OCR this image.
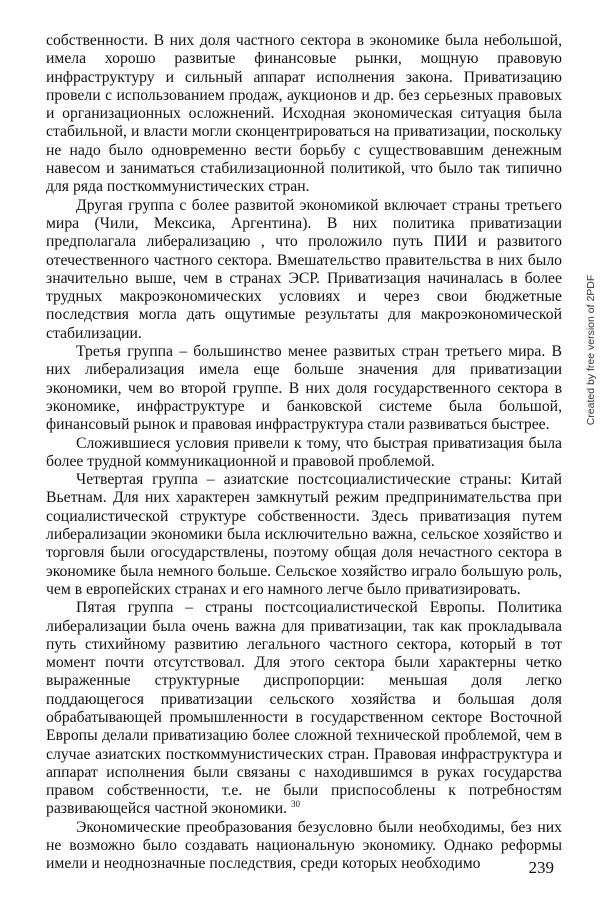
собственности. В них доля частного сектора в экономике была небольшой, имела хорошо развитые финансовые рынки, мощную правовую инфраструктуру и сильный аппарат исполнения закона. Приватизацию провели с использованием продаж, аукционов и др. без серьезных правовых и организационных осложнений. Исходная экономическая ситуация была стабильной, и власти могли сконцентрироваться на приватизации, поскольку не надо было одновременно вести борьбу с существовавшим денежным навесом и заниматься стабилизационной политикой, что было так типично для ряда посткоммунистических стран.

Другая группа с более развитой экономикой включает страны третьего мира (Чили, Мексика, Аргентина). В них политика приватизации предполагала либерализацию , что проложило путь ПИИ и развитого отечественного частного сектора. Вмешательство правительства в них было значительно выше, чем в странах ЭСР. Приватизация начиналась в более трудных макроэкономических условиях и через свои бюджетные последствия могла дать ощутимые результаты для макроэкономической стабилизации.

Третья группа – большинство менее развитых стран третьего мира. В них либерализация имела еще больше значения для приватизации экономики, чем во второй группе. В них доля государственного сектора в экономике, инфраструктуре и банковской системе была большой, финансовый рынок и правовая инфраструктура стали развиваться быстрее.

Сложившиеся условия привели к тому, что быстрая приватизация была более трудной коммуникационной и правовой проблемой.

Четвертая группа – азиатские постсоциалистические страны: Китай Вьетнам. Для них характерен замкнутый режим предпринимательства при социалистической структуре собственности. Здесь приватизация путем либерализации экономики была исключительно важна, сельское хозяйство и торговля были огосударствлены, поэтому общая доля нечастного сектора в экономике была немного больше. Сельское хозяйство играло большую роль, чем в европейских странах и его намного легче было приватизировать.

Пятая группа – страны постсоциалистической Европы. Политика либерализации была очень важна для приватизации, так как прокладывала путь стихийному развитию легального частного сектора, который в тот момент почти отсутствовал. Для этого сектора были характерны четко выраженные структурные диспропорции: меньшая доля легко поддающегося приватизации сельского хозяйства и большая доля обрабатывающей промышленности в государственном секторе Восточной Европы делали приватизацию более сложной технической проблемой, чем в случае азиатских посткоммунистических стран. Правовая инфраструктура и аппарат исполнения были связаны с находившимся в руках государства правом собственности, т.е. не были приспособлены к потребностям развивающейся частной экономики. $^{30}$

Экономические преобразования безусловно были необходимы, без них не возможно было создавать национальную экономику. Однако реформы имели и неоднозначные последствия, среди которых необходимо	239
Created by free version of 2PDF
